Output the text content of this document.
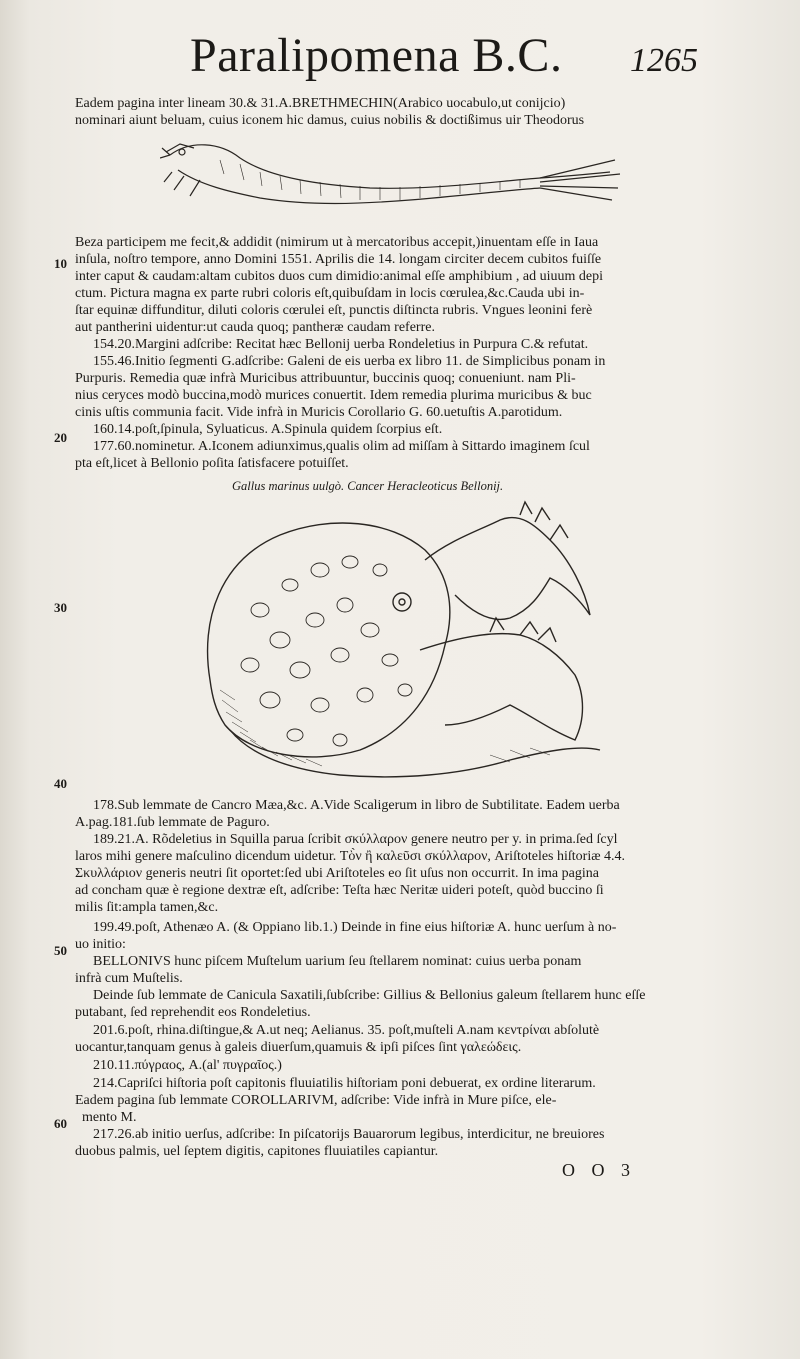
Paralipomena B.C. 1265
Eadem pagina inter lineam 30.& 31.A.BRETHMECHIN(Arabico uocabulo,ut conijcio)
nominari aiunt beluam, cuius iconem hic damus, cuius nobilis & doctißimus uir Theodorus
Beza participem me fecit,& addidit (nimirum ut à mercatoribus accepit,)inuentam eſſe in Iaua
inſula, noſtro tempore, anno Domini 1551. Aprilis die 14. longam circiter decem cubitos fuiſſe
inter caput & caudam:altam cubitos duos cum dimidio:animal eſſe amphibium , ad uiuum depi
ctum. Pictura magna ex parte rubri coloris eſt,quibuſdam in locis cœrulea,&c.Cauda ubi in-
ſtar equinæ diffunditur, diluti coloris cœrulei eſt, punctis diſtincta rubris. Vngues leonini ferè
aut pantherini uidentur:ut cauda quoq; pantheræ caudam referre.
154.20.Margini adſcribe: Recitat hæc Bellonij uerba Rondeletius in Purpura C.& refutat.
155.46.Initio ſegmenti G.adſcribe: Galeni de eis uerba ex libro 11. de Simplicibus ponam in
Purpuris. Remedia quæ infrà Muricibus attribuuntur, buccinis quoq; conueniunt. nam Pli-
nius ceryces modò buccina,modò murices conuertit. Idem remedia plurima muricibus & buc
cinis uſtis communia facit. Vide infrà in Muricis Corollario G. 60.uetuſtis A.parotidum.
160.14.poſt,ſpinula, Syluaticus. A.Spinula quidem ſcorpius eſt.
177.60.nominetur. A.Iconem adiunximus,qualis olim ad miſſam à Sittardo imaginem ſcul
pta eſt,licet à Bellonio poſita ſatisfacere potuiſſet.
Gallus marinus uulgò. Cancer Heracleoticus Bellonij.
178.Sub lemmate de Cancro Mæa,&c. A.Vide Scaligerum in libro de Subtilitate. Eadem uerba
A.pag.181.ſub lemmate de Paguro.
189.21.A. Rõdeletius in Squilla parua ſcribit σκύλλαρον genere neutro per y. in prima.ſed ſcyl
laros mihi genere maſculino dicendum uidetur. Τὸ̀ν ἢ καλεῦσι σκύλλαρον, Ariſtoteles hiſtoriæ 4.4.
Σκυλλάριον generis neutri ſit oportet:ſed ubi Ariſtoteles eo ſit uſus non occurrit. In ima pagina
ad concham quæ è regione dextræ eſt, adſcribe: Teſta hæc Neritæ uideri poteſt, quòd buccino ſi
milis ſit:ampla tamen,&c.
199.49.poſt, Athenæo A. (& Oppiano lib.1.) Deinde in fine eius hiſtoriæ A. hunc uerſum à no-
uo initio:
BELLONIVS hunc piſcem Muſtelum uarium ſeu ſtellarem nominat: cuius uerba ponam
infrà cum Muſtelis.
Deinde ſub lemmate de Canicula Saxatili,ſubſcribe: Gillius & Bellonius galeum ſtellarem hunc eſſe
putabant, ſed reprehendit eos Rondeletius.
201.6.poſt, rhina.diſtingue,& A.ut neq; Aelianus. 35. poſt,muſteli A.nam κεντρίναι abſolutè
uocantur,tanquam genus à galeis diuerſum,quamuis & ipſi piſces ſint γαλεώδεις.
210.11.πύγραος, A.(al' πυγραῖος.)
214.Capriſci hiſtoria poſt capitonis fluuiatilis hiſtoriam poni debuerat, ex ordine literarum.
Eadem pagina ſub lemmate COROLLARIVM, adſcribe: Vide infrà in Mure piſce, ele-
mento M.
217.26.ab initio uerſus, adſcribe: In piſcatorijs Bauarorum legibus, interdicitur, ne breuiores
duobus palmis, uel ſeptem digitis, capitones fluuiatiles capiantur.
10
20
30
40
50
60
O O 3
